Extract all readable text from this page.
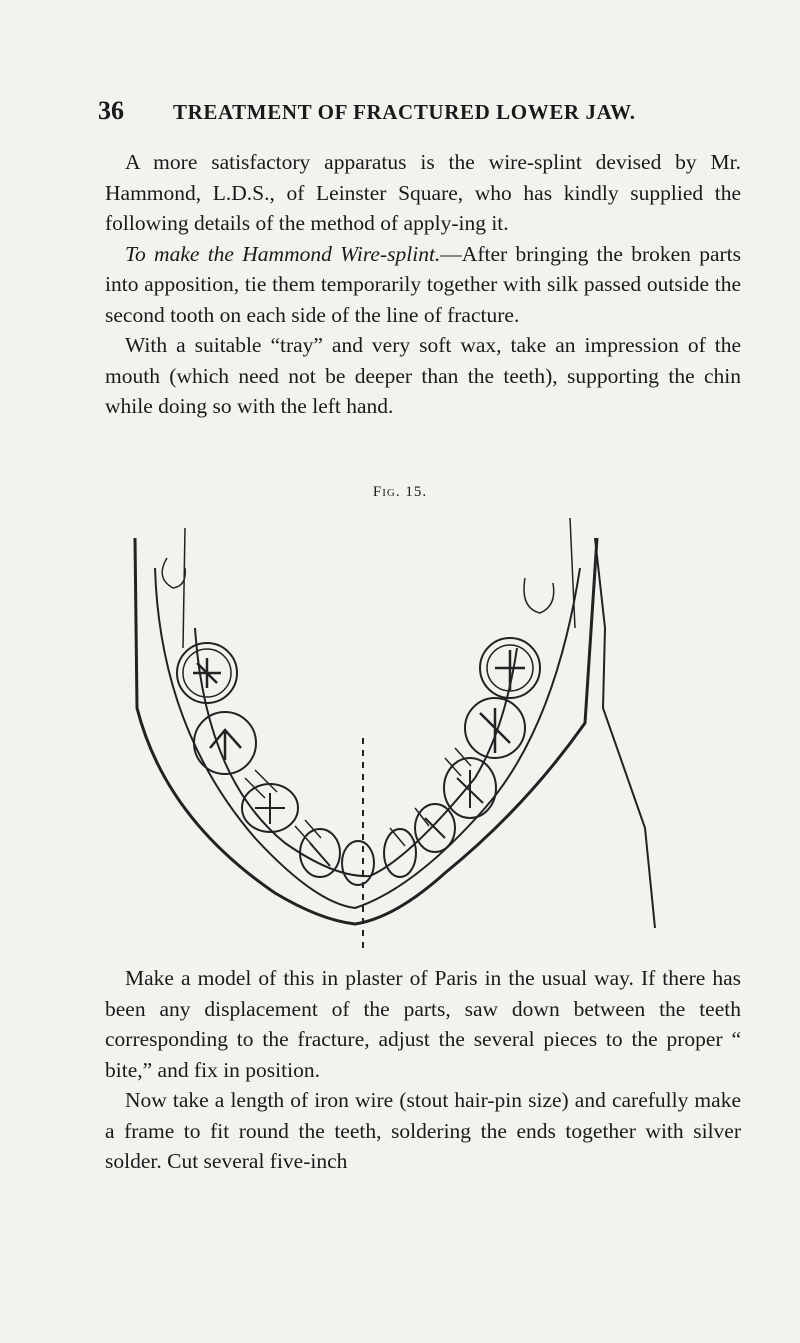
36	TREATMENT OF FRACTURED LOWER JAW.

A more satisfactory apparatus is the wire-splint devised by Mr. Hammond, L.D.S., of Leinster Square, who has kindly supplied the following details of the method of apply-ing it.

To make the Hammond Wire-splint.—After bringing the broken parts into apposition, tie them temporarily together with silk passed outside the second tooth on each side of the line of fracture.

With a suitable “tray” and very soft wax, take an impression of the mouth (which need not be deeper than the teeth), supporting the chin while doing so with the left hand.

Fig. 15.

Make a model of this in plaster of Paris in the usual way. If there has been any displacement of the parts, saw down between the teeth corresponding to the fracture, adjust the several pieces to the proper “ bite,” and fix in position.

Now take a length of iron wire (stout hair-pin size) and carefully make a frame to fit round the teeth, soldering the ends together with silver solder. Cut several five-inch
